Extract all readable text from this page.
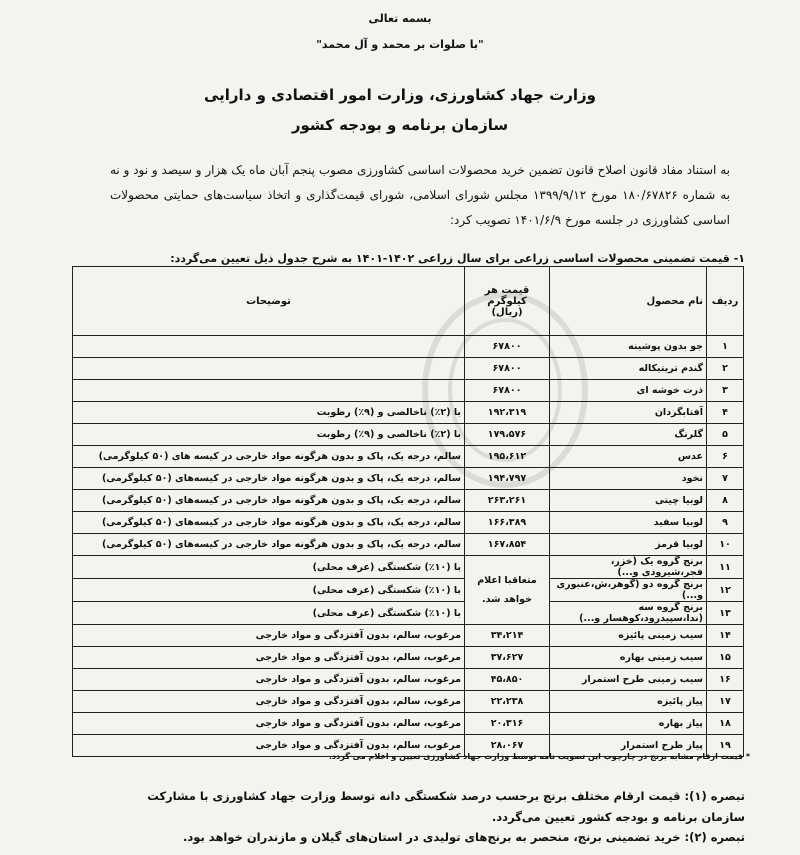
بسمه تعالی
"با صلوات بر محمد و آل محمد"
وزارت جهاد کشاورزی، وزارت امور اقتصادی و دارایی
سازمان برنامه و بودجه کشور
به استناد مفاد قانون اصلاح قانون تضمین خرید محصولات اساسی کشاورزی مصوب پنجم آبان ماه یک هزار و سیصد و نود و نه به شماره ۱۸۰/۶۷۸۲۶ مورخ ۱۳۹۹/۹/۱۲ مجلس شورای اسلامی، شورای قیمت‌گذاری و اتخاذ سیاست‌های حمایتی محصولات اساسی کشاورزی در جلسه مورخ ۱۴۰۱/۶/۹ تصویب کرد:
۱- قیمت تضمینی محصولات اساسی زراعی برای سال زراعی ۱۴۰۲-۱۴۰۱ به شرح جدول ذیل تعیین می‌گردد:
ردیف	نام محصول	قیمت هر
کیلوگرم
(ریال)	توضیحات
۱	جو بدون پوشینه	۶۷۸۰۰	
۲	گندم تریتیکاله	۶۷۸۰۰	
۳	ذرت خوشه ای	۶۷۸۰۰	
۴	آفتابگردان	۱۹۲،۳۱۹	با (۲٪) ناخالصی و (۹٪) رطوبت
۵	گلرنگ	۱۷۹،۵۷۶	با (۲٪) ناخالصی و (۹٪) رطوبت
۶	عدس	۱۹۵،۶۱۲	سالم، درجه یک، پاک و بدون هرگونه مواد خارجی در کیسه های (۵۰ کیلوگرمی)
۷	نخود	۱۹۴،۷۹۷	سالم، درجه یک، پاک و بدون هرگونه مواد خارجی در کیسه‌های (۵۰ کیلوگرمی)
۸	لوبیا چیتی	۲۶۳،۲۶۱	سالم، درجه یک، پاک و بدون هرگونه مواد خارجی در کیسه‌های (۵۰ کیلوگرمی)
۹	لوبیا سفید	۱۶۶،۳۸۹	سالم، درجه یک، پاک و بدون هرگونه مواد خارجی در کیسه‌های (۵۰ کیلوگرمی)
۱۰	لوبیا قرمز	۱۶۷،۸۵۴	سالم، درجه یک، پاک و بدون هرگونه مواد خارجی در کیسه‌های (۵۰ کیلوگرمی)
۱۱	برنج گروه یک (خزر، فجر،شیرودی و...)	متعاقبا اعلام خواهد شد.	با (۱۰٪) شکستگی (عرف محلی)
۱۲	برنج گروه دو (گوهر،ش،عنبوری و...)		با (۱۰٪) شکستگی (عرف محلی)
۱۳	برنج گروه سه (ندا،سپیدرود،کوهسار و...)		با (۱۰٪) شکستگی (عرف محلی)
۱۴	سیب زمینی پائیزه	۳۴،۲۱۴	مرغوب، سالم، بدون آفتزدگی و مواد خارجی
۱۵	سیب زمینی بهاره	۳۷،۶۲۷	مرغوب، سالم، بدون آفتزدگی و مواد خارجی
۱۶	سیب زمینی طرح استمرار	۴۵،۸۵۰	مرغوب، سالم، بدون آفتزدگی و مواد خارجی
۱۷	پیاز پائیزه	۲۲،۲۳۸	مرغوب، سالم، بدون آفتزدگی و مواد خارجی
۱۸	پیاز بهاره	۲۰،۳۱۶	مرغوب، سالم، بدون آفتزدگی و مواد خارجی
۱۹	پیاز طرح استمرار	۲۸،۰۶۷	مرغوب، سالم، بدون آفتزدگی و مواد خارجی
* قیمت ارقام مشابه برنج در چارچوب این تصویب نامه توسط وزارت جهاد کشاورزی تعیین و اعلام می گردد.
تبصره (۱): قیمت ارقام مختلف برنج برحسب درصد شکستگی دانه توسط وزارت جهاد کشاورزی با مشارکت سازمان برنامه و بودجه کشور تعیین می‌گردد.
تبصره (۲): خرید تضمینی برنج، منحصر به برنج‌های تولیدی در استان‌های گیلان و مازندران خواهد بود.
